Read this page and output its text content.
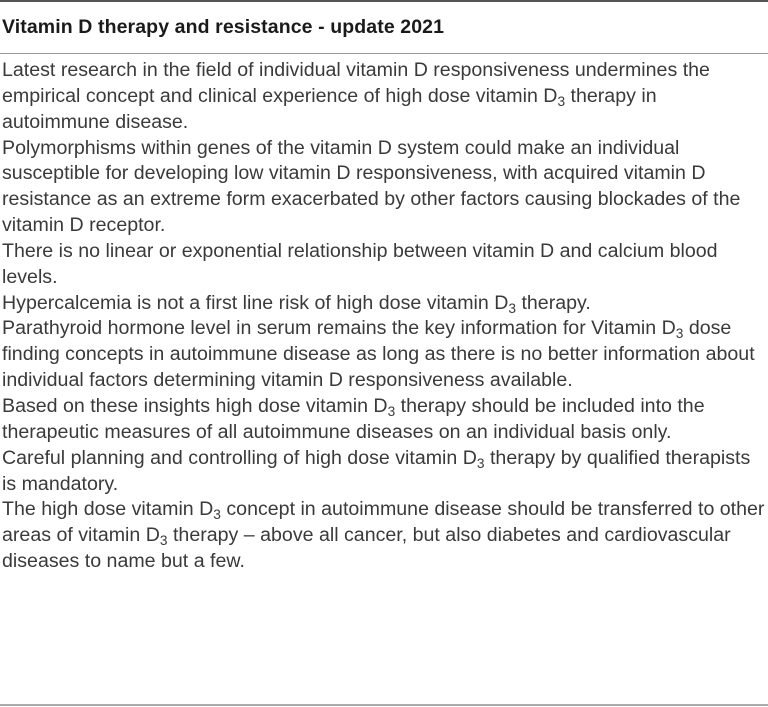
Vitamin D therapy and resistance - update 2021

Latest research in the field of individual vitamin D responsiveness undermines the empirical concept and clinical experience of high dose vitamin $D_3$ therapy in autoimmune disease.

Polymorphisms within genes of the vitamin D system could make an individual susceptible for developing low vitamin D responsiveness, with acquired vitamin D resistance as an extreme form exacerbated by other factors causing blockades of the vitamin D receptor.

There is no linear or exponential relationship between vitamin D and calcium blood levels.

Hypercalcemia is not a first line risk of high dose vitamin $D_3$ therapy.

Parathyroid hormone level in serum remains the key information for Vitamin $D_3$ dose finding concepts in autoimmune disease as long as there is no better information about individual factors determining vitamin D responsiveness available.

Based on these insights high dose vitamin $D_3$ therapy should be included into the therapeutic measures of all autoimmune diseases on an individual basis only.

Careful planning and controlling of high dose vitamin $D_3$ therapy by qualified therapists is mandatory.

The high dose vitamin $D_3$ concept in autoimmune disease should be transferred to other areas of vitamin $D_3$ therapy – above all cancer, but also diabetes and cardiovascular diseases to name but a few.
